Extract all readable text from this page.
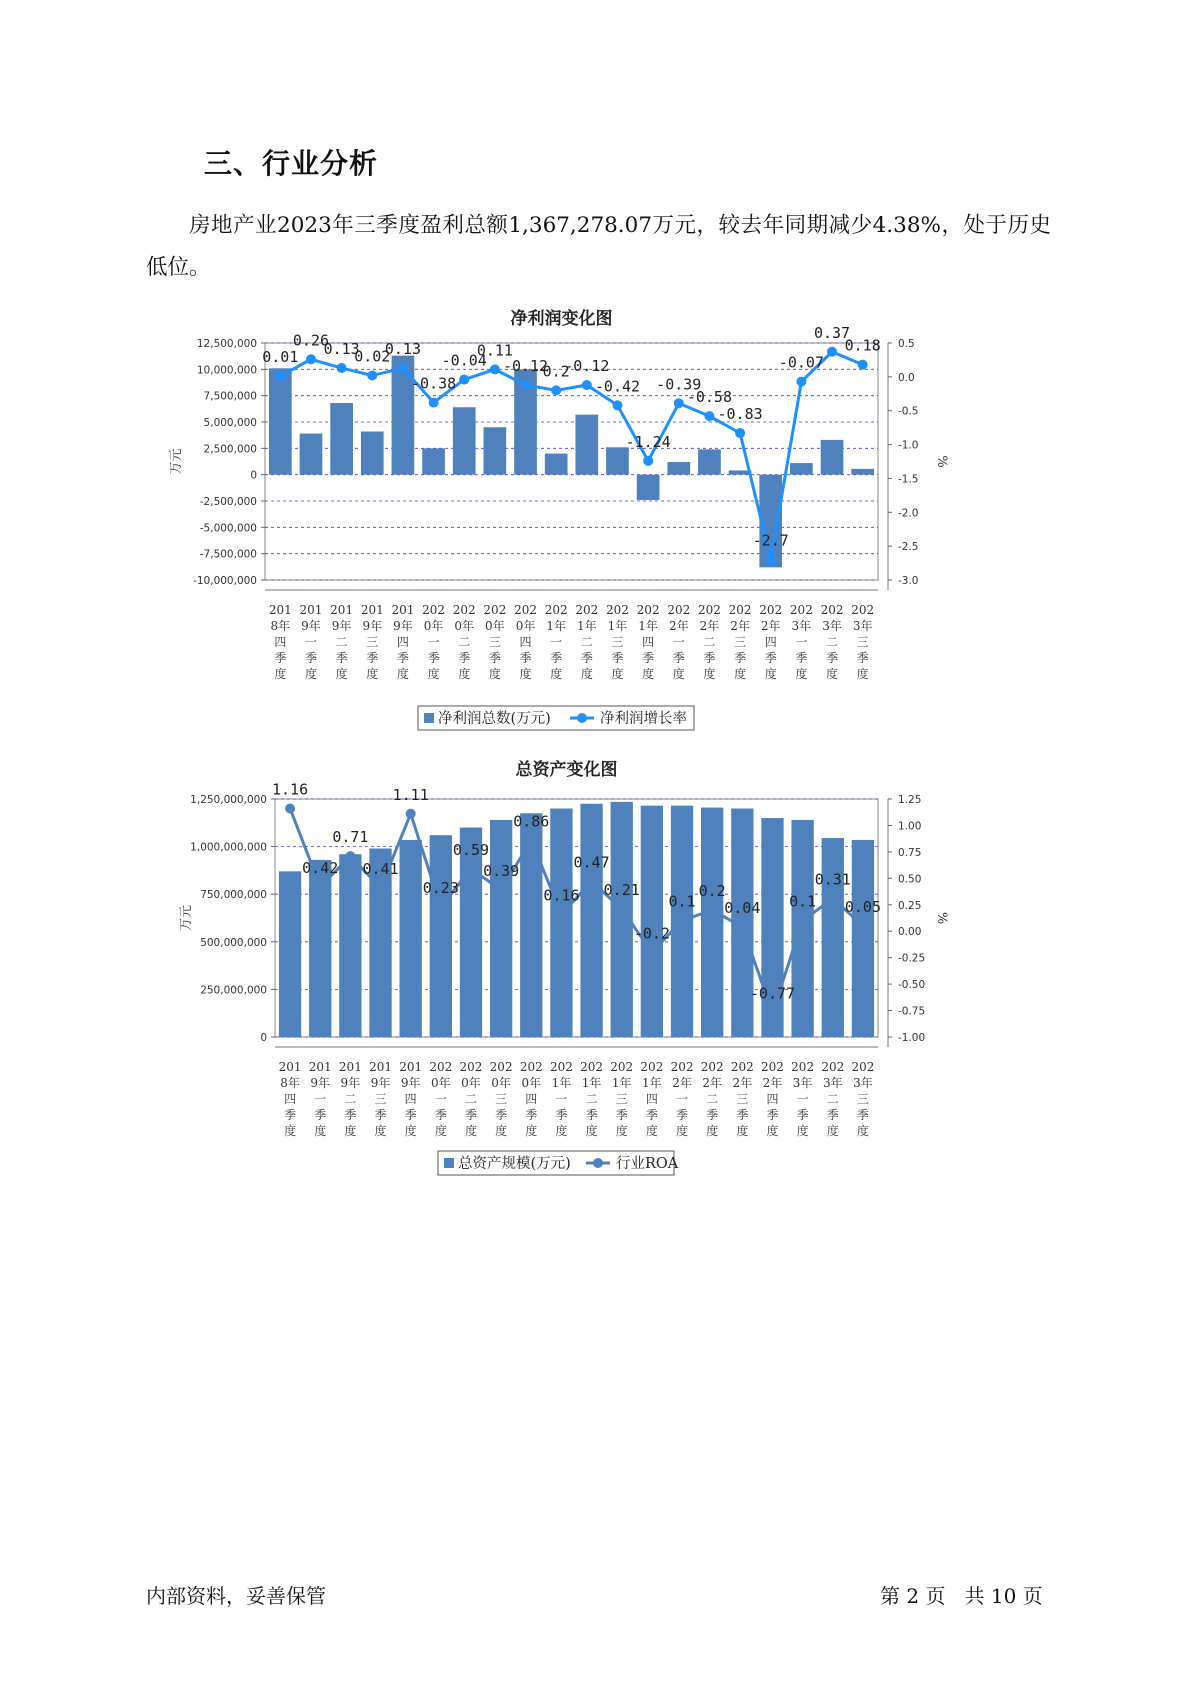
三、行业分析
房地产业2023年三季度盈利总额1,367,278.07万元，较去年同期减少4.38%，处于历史低位。
净利润变化图
12,500,000
10,000,000
7,500,000
5,000,000
2,500,000
0
-2,500,000
-5,000,000
-7,500,000
-10,000,000
0.5
0.0
-0.5
-1.0
-1.5
-2.0
-2.5
-3.0
万元	%
0.01
0.26
0.13
0.02
0.13
-0.38
-0.04
0.11
-0.12
0.2
-0.12
-0.42
-1.24
-0.39
-0.58
-0.83
-2.7
-0.07
0.37
0.18
201 8年四季度
201 9年一季度
201 9年二季度
201 9年三季度
201 9年四季度
202 0年一季度
202 0年二季度
202 0年三季度
202 0年四季度
202 1年一季度
202 1年二季度
202 1年三季度
202 1年四季度
202 2年一季度
202 2年二季度
202 2年三季度
202 2年四季度
202 3年一季度
202 3年二季度
202 3年三季度
净利润总数(万元)	净利润增长率
总资产变化图
1,250,000,000
1,000,000,000
750,000,000
500,000,000
250,000,000
0
1.25
1.00
0.75
0.50
0.25
0.00
-0.25
-0.50
-0.75
-1.00
万元	%
1.16
0.42
0.71
0.41
1.11
0.23
0.59
0.39
0.86
0.16
0.47
0.21
-0.2
0.1
0.2
0.04
-0.77
0.1
0.31
0.05
201 8年四季度
201 9年一季度
201 9年二季度
201 9年三季度
201 9年四季度
202 0年一季度
202 0年二季度
202 0年三季度
202 0年四季度
202 1年一季度
202 1年二季度
202 1年三季度
202 1年四季度
202 2年一季度
202 2年二季度
202 2年三季度
202 2年四季度
202 3年一季度
202 3年二季度
202 3年三季度
总资产规模(万元)	行业ROA
内部资料，妥善保管	第 2 页   共 10 页
